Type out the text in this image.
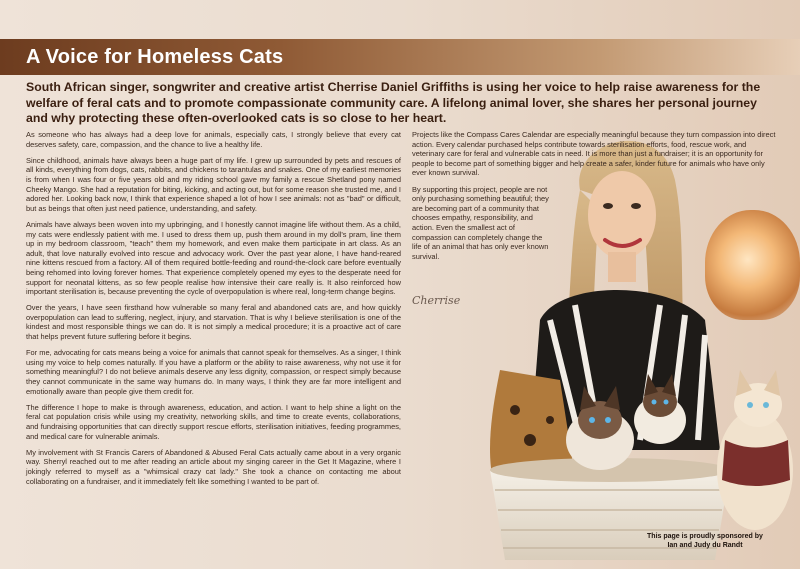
A Voice for Homeless Cats
South African singer, songwriter and creative artist Cherrise Daniel Griffiths is using her voice to help raise awareness for the welfare of feral cats and to promote compassionate community care. A lifelong animal lover, she shares her personal journey and why protecting these often-overlooked cats is so close to her heart.

As someone who has always had a deep love for animals, especially cats, I strongly believe that every cat deserves safety, care, compassion, and the chance to live a healthy life.

Since childhood, animals have always been a huge part of my life. I grew up surrounded by pets and rescues of all kinds, everything from dogs, cats, rabbits, and chickens to tarantulas and snakes. One of my earliest memories is from when I was four or five years old and my riding school gave my family a rescue Shetland pony named Cheeky Mango. She had a reputation for biting, kicking, and acting out, but for some reason she trusted me, and I adored her. Looking back now, I think that experience shaped a lot of how I see animals: not as "bad" or difficult, but as beings that often just need patience, understanding, and safety.

Animals have always been woven into my upbringing, and I honestly cannot imagine life without them. As a child, my cats were endlessly patient with me. I used to dress them up, push them around in my doll's pram, line them up in my bedroom classroom, "teach" them my homework, and even make them participate in art class. As an adult, that love naturally evolved into rescue and advocacy work. Over the past year alone, I have hand-reared nine kittens rescued from a factory. All of them required bottle-feeding and round-the-clock care before eventually being rehomed into loving forever homes. That experience completely opened my eyes to the desperate need for support for neonatal kittens, as so few people realise how intensive their care really is. It also reinforced how important sterilisation is, because preventing the cycle of overpopulation is where real, long-term change begins.

Over the years, I have seen firsthand how vulnerable so many feral and abandoned cats are, and how quickly overpopulation can lead to suffering, neglect, injury, and starvation. That is why I believe sterilisation is one of the kindest and most responsible things we can do. It is not simply a medical procedure; it is a proactive act of care that helps prevent future suffering before it begins.

For me, advocating for cats means being a voice for animals that cannot speak for themselves. As a singer, I think using my voice to help comes naturally. If you have a platform or the ability to raise awareness, why not use it for something meaningful? I do not believe animals deserve any less dignity, compassion, or respect simply because they cannot communicate in the same way humans do. In many ways, I think they are far more intelligent and emotionally aware than people give them credit for.

The difference I hope to make is through awareness, education, and action. I want to help shine a light on the feral cat population crisis while using my creativity, networking skills, and time to create events, collaborations, and fundraising opportunities that can directly support rescue efforts, sterilisation initiatives, feeding programmes, and medical care for vulnerable animals.

My involvement with St Francis Carers of Abandoned & Abused Feral Cats actually came about in a very organic way. Sherryl reached out to me after reading an article about my singing career in the Get It Magazine, where I jokingly referred to myself as a "whimsical crazy cat lady." She took a chance on contacting me about collaborating on a fundraiser, and it immediately felt like something I wanted to be part of.

Projects like the Compass Cares Calendar are especially meaningful because they turn compassion into direct action. Every calendar purchased helps contribute towards sterilisation efforts, food, rescue work, and veterinary care for feral and vulnerable cats in need. It is more than just a fundraiser; it is an opportunity for people to become part of something bigger and help create a safer, kinder future for animals who have only ever known survival.

By supporting this project, people are not only purchasing something beautiful; they are becoming part of a community that chooses empathy, responsibility, and action. Even the smallest act of compassion can completely change the life of an animal that has only ever known survival.

Cherrise
This page is proudly sponsored by
Ian and Judy du Randt
